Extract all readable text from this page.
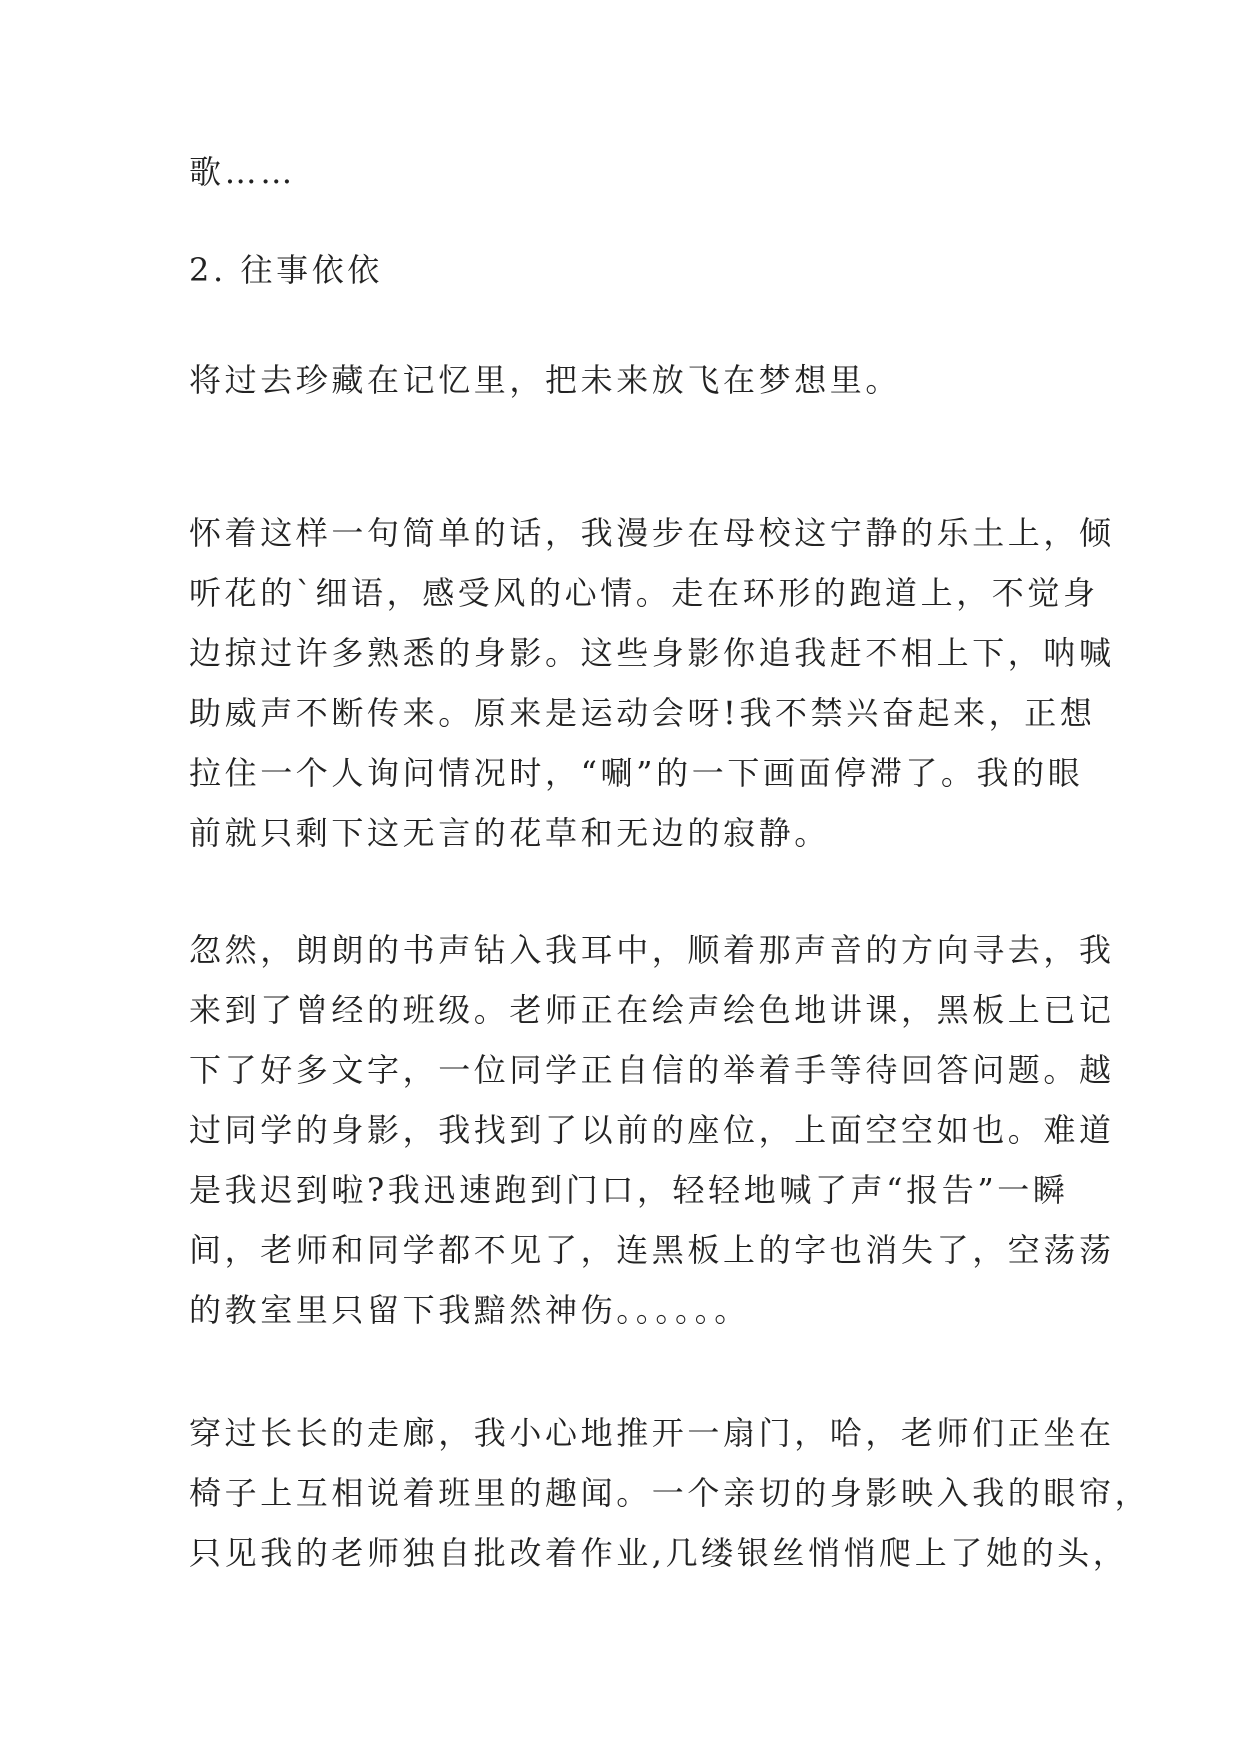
歌……
2. 往事依依
将过去珍藏在记忆里，把未来放飞在梦想里。
怀着这样一句简单的话，我漫步在母校这宁静的乐土上，倾
听花的`细语，感受风的心情。走在环形的跑道上，不觉身
边掠过许多熟悉的身影。这些身影你追我赶不相上下，呐喊
助威声不断传来。原来是运动会呀!我不禁兴奋起来，正想
拉住一个人询问情况时，“唰”的一下画面停滞了。我的眼
前就只剩下这无言的花草和无边的寂静。
忽然，朗朗的书声钻入我耳中，顺着那声音的方向寻去，我
来到了曾经的班级。老师正在绘声绘色地讲课，黑板上已记
下了好多文字，一位同学正自信的举着手等待回答问题。越
过同学的身影，我找到了以前的座位，上面空空如也。难道
是我迟到啦?我迅速跑到门口，轻轻地喊了声“报告”一瞬
间，老师和同学都不见了，连黑板上的字也消失了，空荡荡
的教室里只留下我黯然神伤。。。。。。
穿过长长的走廊，我小心地推开一扇门，哈，老师们正坐在
椅子上互相说着班里的趣闻。一个亲切的身影映入我的眼帘，
只见我的老师独自批改着作业,几缕银丝悄悄爬上了她的头，
